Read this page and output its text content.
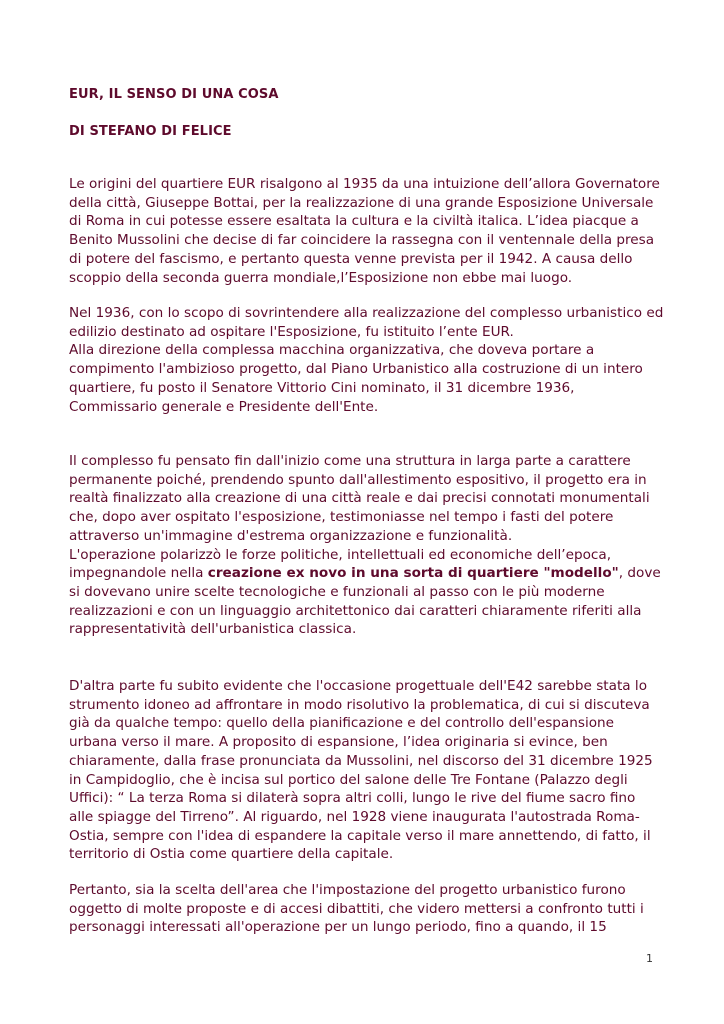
EUR, IL SENSO DI UNA COSA
DI STEFANO DI FELICE

Le origini del quartiere EUR risalgono al 1935 da una intuizione dell’allora Governatore
della città, Giuseppe Bottai, per la realizzazione di una grande Esposizione Universale
di Roma in cui potesse essere esaltata la cultura e la civiltà italica. L’idea piacque a
Benito Mussolini che decise di far coincidere la rassegna con il ventennale della presa
di potere del fascismo, e pertanto questa venne prevista per il 1942. A causa dello
scoppio della seconda guerra mondiale,l’Esposizione non ebbe mai luogo.

Nel 1936, con lo scopo di sovrintendere alla realizzazione del complesso urbanistico ed
edilizio destinato ad ospitare l'Esposizione, fu istituito l’ente EUR.
Alla direzione della complessa macchina organizzativa, che doveva portare a
compimento l'ambizioso progetto, dal Piano Urbanistico alla costruzione di un intero
quartiere, fu posto il Senatore Vittorio Cini nominato, il 31 dicembre 1936,
Commissario generale e Presidente dell'Ente.

Il complesso fu pensato fin dall'inizio come una struttura in larga parte a carattere
permanente poiché, prendendo spunto dall'allestimento espositivo, il progetto era in
realtà finalizzato alla creazione di una città reale e dai precisi connotati monumentali
che, dopo aver ospitato l'esposizione, testimoniasse nel tempo i fasti del potere
attraverso un'immagine d'estrema organizzazione e funzionalità.
L'operazione polarizzò le forze politiche, intellettuali ed economiche dell’epoca,
impegnandole nella creazione ex novo in una sorta di quartiere "modello", dove
si dovevano unire scelte tecnologiche e funzionali al passo con le più moderne
realizzazioni e con un linguaggio architettonico dai caratteri chiaramente riferiti alla
rappresentatività dell'urbanistica classica.

D'altra parte fu subito evidente che l'occasione progettuale dell'E42 sarebbe stata lo
strumento idoneo ad affrontare in modo risolutivo la problematica, di cui si discuteva
già da qualche tempo: quello della pianificazione e del controllo dell'espansione
urbana verso il mare. A proposito di espansione, l’idea originaria si evince, ben
chiaramente, dalla frase pronunciata da Mussolini, nel discorso del 31 dicembre 1925
in Campidoglio, che è incisa sul portico del salone delle Tre Fontane (Palazzo degli
Uffici): “ La terza Roma si dilaterà sopra altri colli, lungo le rive del fiume sacro fino
alle spiagge del Tirreno”. Al riguardo, nel 1928 viene inaugurata l'autostrada Roma-
Ostia, sempre con l'idea di espandere la capitale verso il mare annettendo, di fatto, il
territorio di Ostia come quartiere della capitale.

Pertanto, sia la scelta dell'area che l'impostazione del progetto urbanistico furono
oggetto di molte proposte e di accesi dibattiti, che videro mettersi a confronto tutti i
personaggi interessati all'operazione per un lungo periodo, fino a quando, il 15

1
